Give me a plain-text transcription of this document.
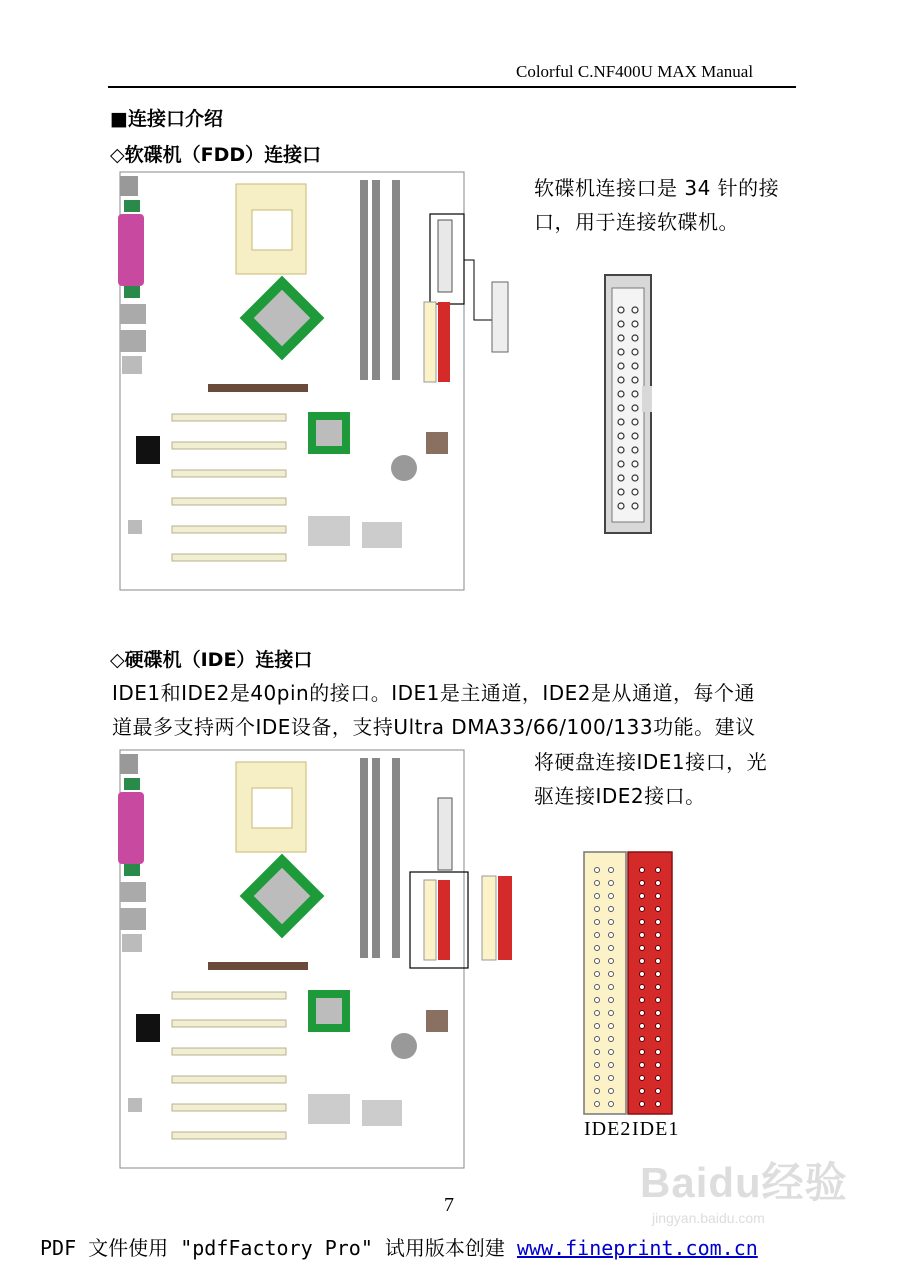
Colorful C.NF400U MAX Manual
■连接口介绍
◇软碟机（FDD）连接口
软碟机连接口是 34 针的接
口，用于连接软碟机。
◇硬碟机（IDE）连接口
IDE1和IDE2是40pin的接口。IDE1是主通道，IDE2是从通道，每个通
道最多支持两个IDE设备，支持Ultra DMA33/66/100/133功能。建议
将硬盘连接IDE1接口，光
驱连接IDE2接口。
IDE2 IDE1
7	Baidu经验
jingyan.baidu.com
PDF 文件使用 "pdfFactory Pro" 试用版本创建 www.fineprint.com.cn
